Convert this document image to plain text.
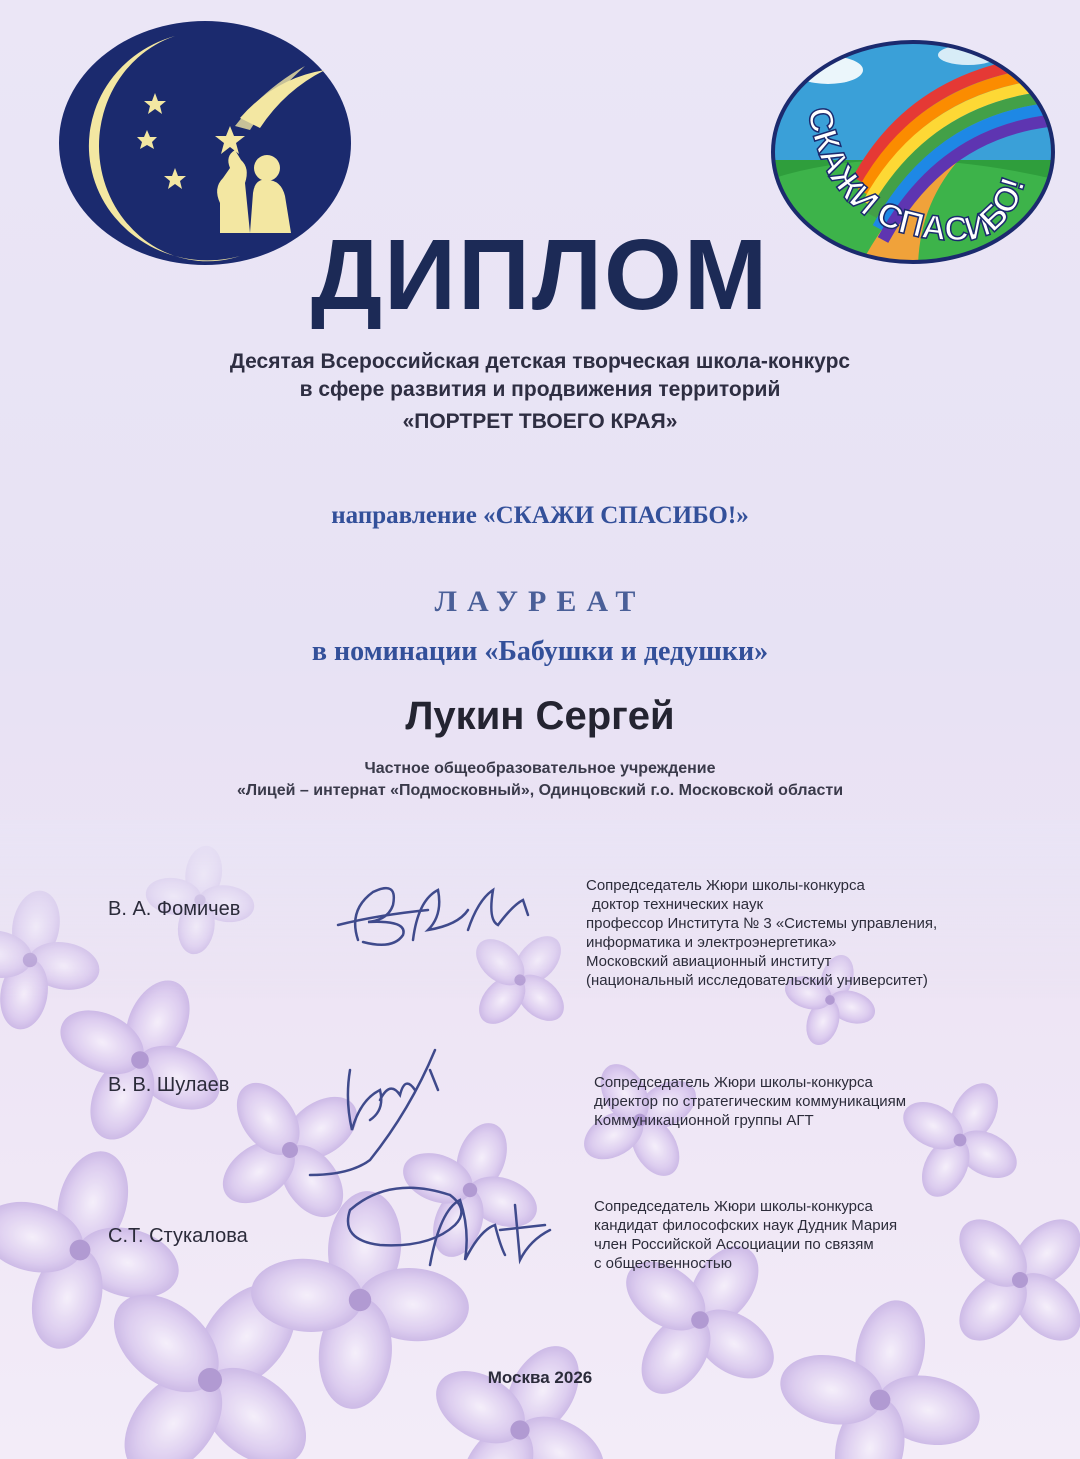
СКАЖИ СПАСИБО!
ДИПЛОМ
Десятая Всероссийская детская творческая школа-конкурс
в сфере развития и продвижения территорий
«ПОРТРЕТ ТВОЕГО КРАЯ»
направление «СКАЖИ СПАСИБО!»
ЛАУРЕАТ
в номинации «Бабушки и дедушки»
Лукин Сергей
Частное общеобразовательное учреждение
«Лицей – интернат «Подмосковный», Одинцовский г.о. Московской области
В. А. Фомичев
Сопредседатель Жюри школы-конкурса
доктор технических наук
профессор Института № 3 «Системы управления,
информатика и электроэнергетика»
Московский авиационный институт
(национальный исследовательский университет)
В. В. Шулаев	Сопредседатель Жюри школы-конкурса
директор по стратегическим коммуникациям
Коммуникационной группы АГТ
С.Т. Стукалова
Сопредседатель Жюри школы-конкурса
кандидат философских наук Дудник Мария
член Российской Ассоциации по связям
с общественностью
Москва 2026
